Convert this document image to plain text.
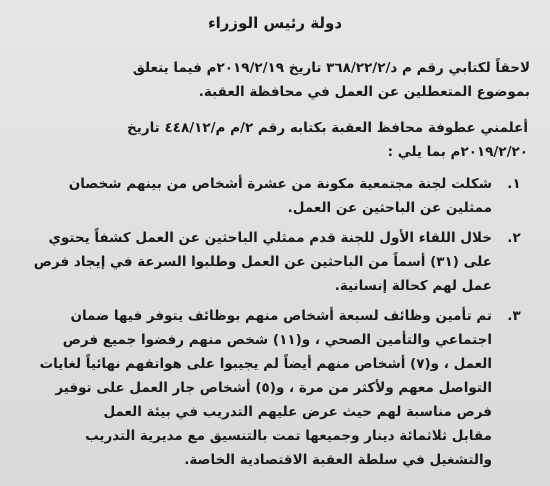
دولة رئيس الوزراء
لاحقاً لكتابي رقم م د/٣٦٨/٢٢/٢ تاريخ ٢٠١٩/٢/١٩م فيما يتعلق
بموضوع المتعطلين عن العمل في محافظة العقبة.
أعلمني عطوفة محافظ العقبة بكتابه رقم ٢/م م/٤٤٨/١٢ تاريخ
٢٠١٩/٢/٢٠م بما يلي :
١.
شكلت لجنة مجتمعية مكونة من عشرة أشخاص من بينهم شخصان
ممثلين عن الباحثين عن العمل.
٢.
خلال اللقاء الأول للجنة قدم ممثلي الباحثين عن العمل كشفاً يحتوي
على (٣١) أسماً من الباحثين عن العمل وطلبوا السرعة في إيجاد فرص
عمل لهم كحالة إنسانية.
٣.
تم تأمين وظائف لسبعة أشخاص منهم بوظائف يتوفر فيها ضمان
اجتماعي والتأمين الصحي ، و(١١) شخص منهم رفضوا جميع فرص
العمل ، و(٧) أشخاص منهم أيضاً لم يجيبوا على هواتفهم نهائياً لغايات
التواصل معهم ولأكثر من مرة ، و(٥) أشخاص جار العمل على توفير
فرص مناسبة لهم حيث عرض عليهم التدريب في بيئة العمل
مقابل ثلاثمائة دينار وجميعها تمت بالتنسيق مع مديرية التدريب
والتشغيل في سلطة العقبة الاقتصادية الخاصة.
